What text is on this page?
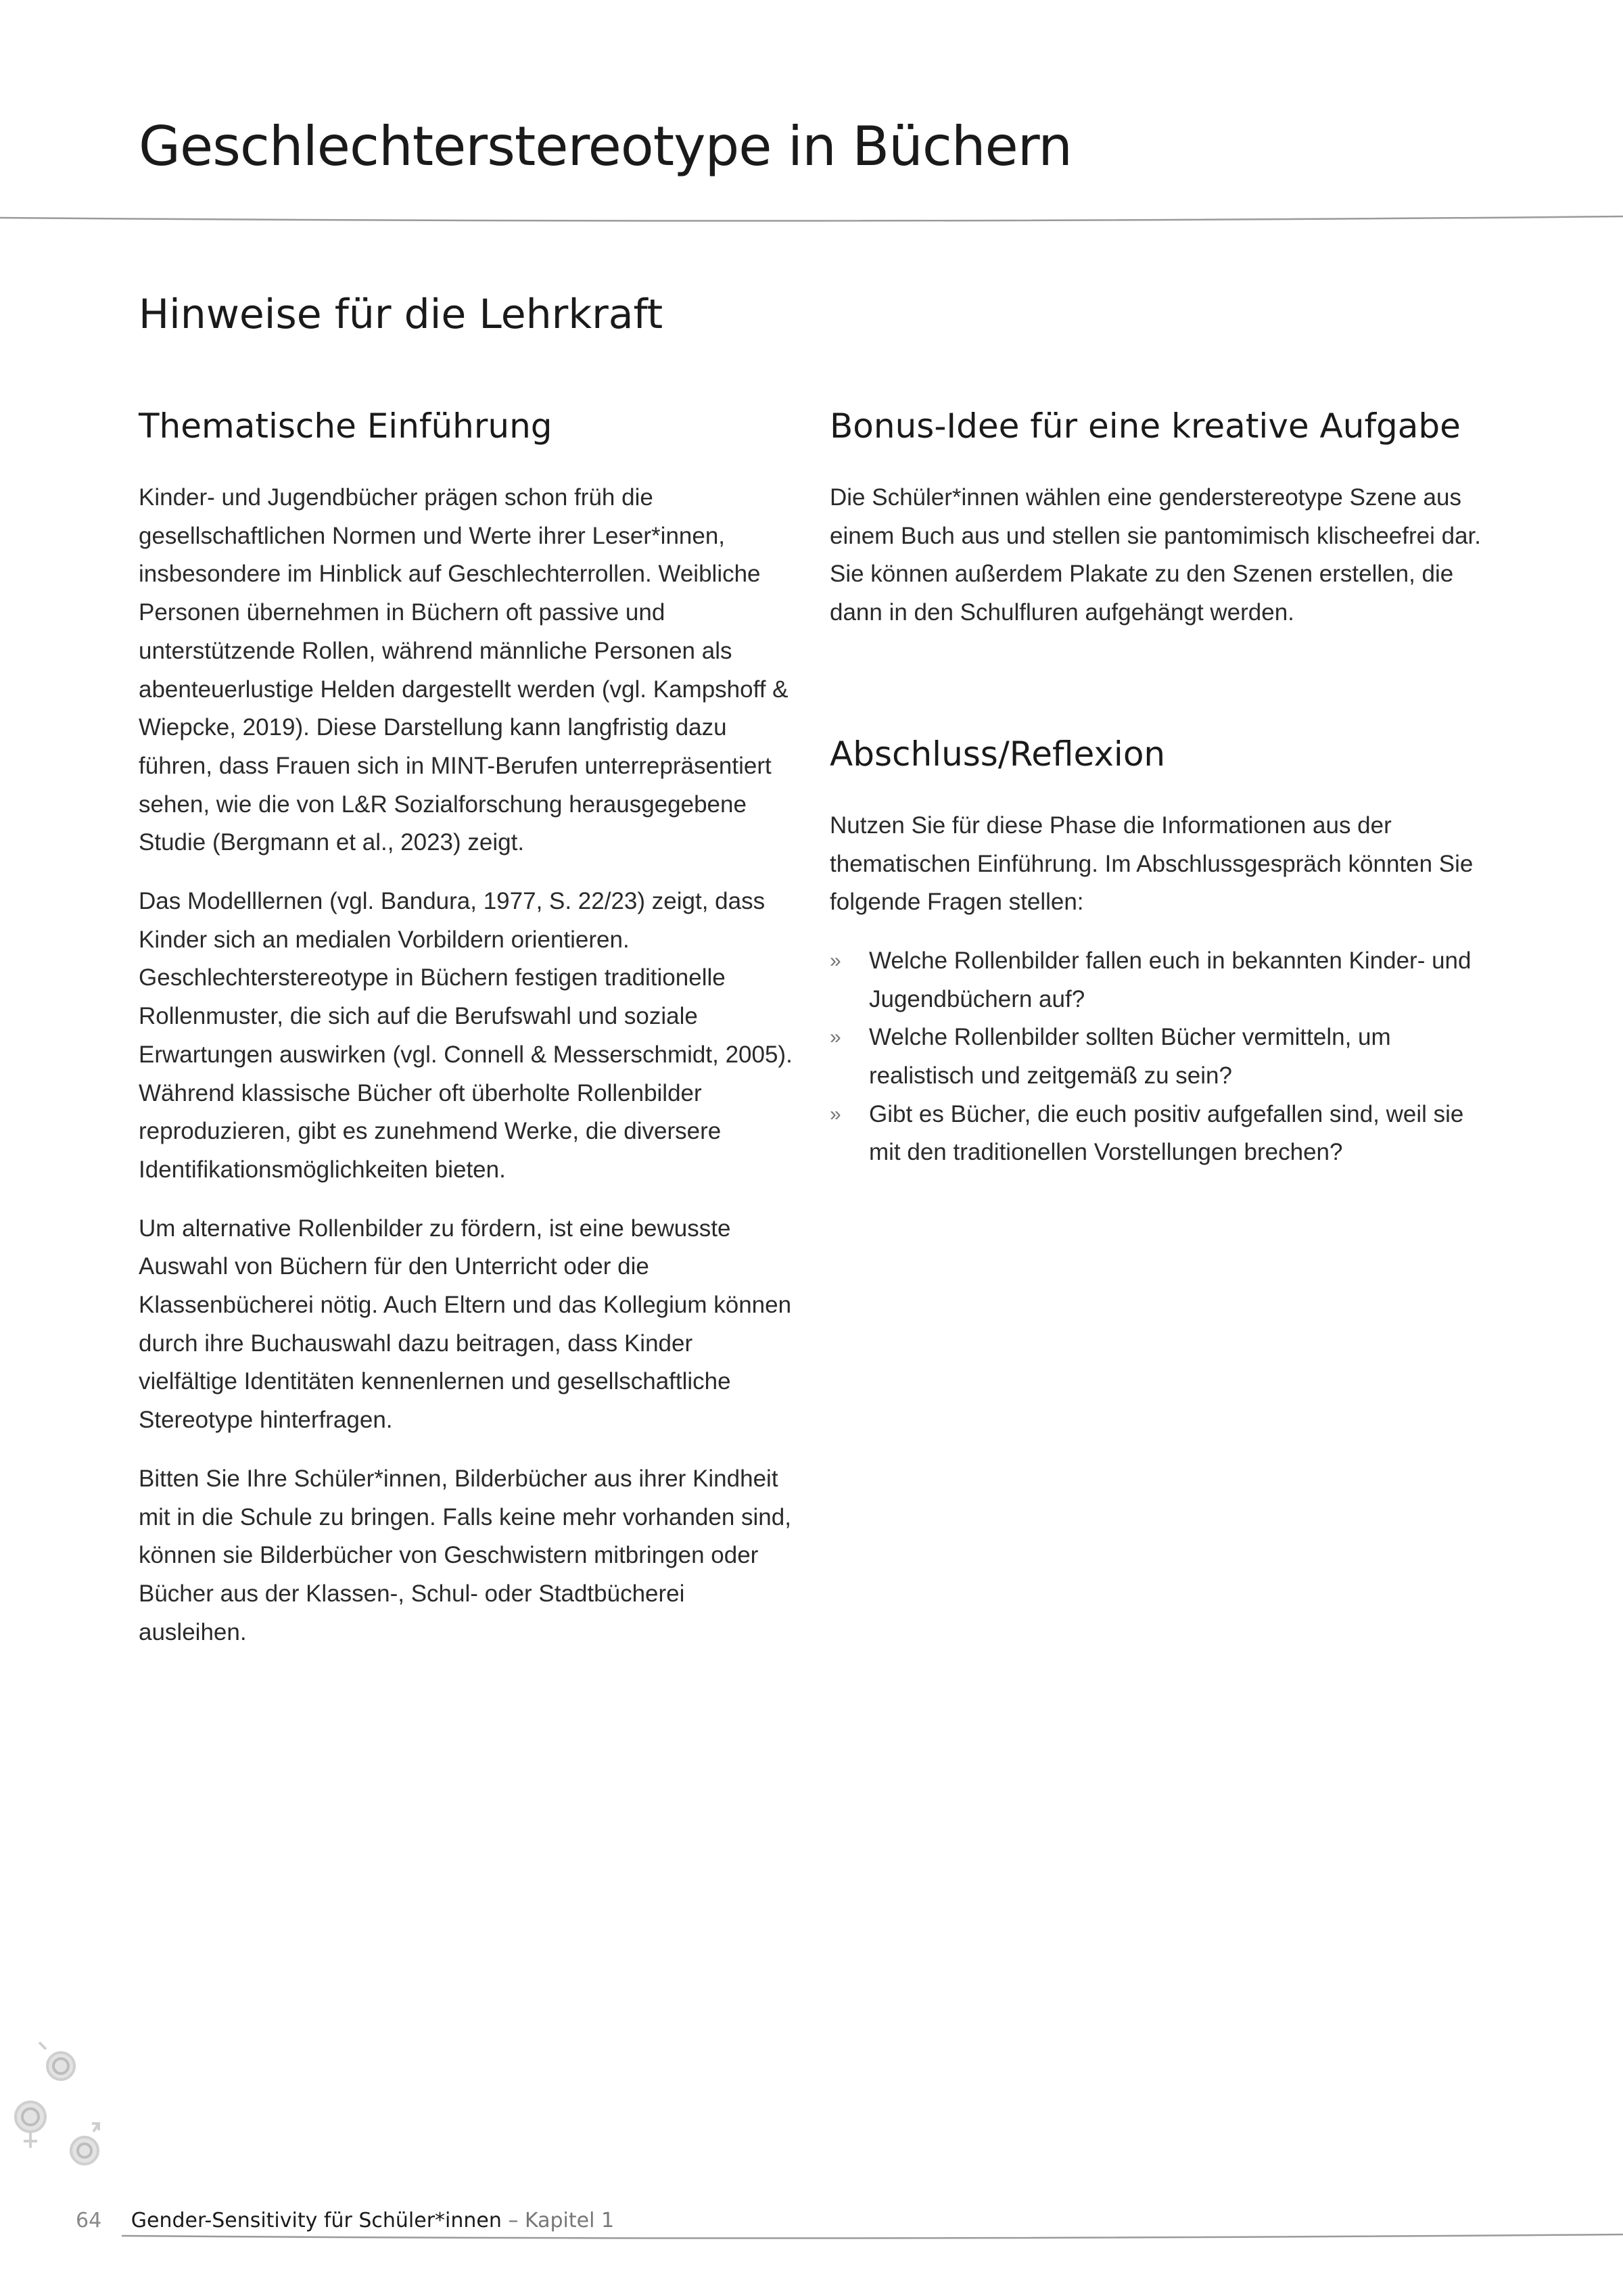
Geschlechterstereotype in Büchern
Hinweise für die Lehrkraft
Thematische Einführung

Kinder- und Jugendbücher prägen schon früh die gesellschaftlichen Normen und Werte ihrer Leser*innen, insbesondere im Hinblick auf Geschlechterrollen. Weibliche Personen übernehmen in Büchern oft passive und unterstützende Rollen, während männliche Personen als abenteuerlustige Helden dargestellt werden (vgl. Kampshoff & Wiepcke, 2019). Diese Darstellung kann langfristig dazu führen, dass Frauen sich in MINT-Berufen unterrepräsentiert sehen, wie die von L&R Sozialforschung herausgegebene Studie (Bergmann et al., 2023) zeigt.

Das Modelllernen (vgl. Bandura, 1977, S. 22/23) zeigt, dass Kinder sich an medialen Vorbildern orientieren. Geschlechterstereotype in Büchern festigen traditionelle Rollenmuster, die sich auf die Berufswahl und soziale Erwartungen auswirken (vgl. Connell & Messerschmidt, 2005). Während klassische Bücher oft überholte Rollenbilder reproduzieren, gibt es zunehmend Werke, die diversere Identifikationsmöglichkeiten bieten.

Um alternative Rollenbilder zu fördern, ist eine bewusste Auswahl von Büchern für den Unterricht oder die Klassenbücherei nötig. Auch Eltern und das Kollegium können durch ihre Buchauswahl dazu beitragen, dass Kinder vielfältige Identitäten kennenlernen und gesellschaftliche Stereotype hinterfragen.

Bitten Sie Ihre Schüler*innen, Bilderbücher aus ihrer Kindheit mit in die Schule zu bringen. Falls keine mehr vorhanden sind, können sie Bilderbücher von Geschwistern mitbringen oder Bücher aus der Klassen-, Schul- oder Stadtbücherei ausleihen.

Bonus-Idee für eine kreative Aufgabe

Die Schüler*innen wählen eine genderstereotype Szene aus einem Buch aus und stellen sie pantomimisch klischeefrei dar. Sie können außerdem Plakate zu den Szenen erstellen, die dann in den Schulfluren aufgehängt werden.

Abschluss/Reflexion

Nutzen Sie für diese Phase die Informationen aus der thematischen Einführung. Im Abschlussgespräch könnten Sie folgende Fragen stellen:

»	Welche Rollenbilder fallen euch in bekannten Kinder- und Jugendbüchern auf?
»	Welche Rollenbilder sollten Bücher vermitteln, um realistisch und zeitgemäß zu sein?
»	Gibt es Bücher, die euch positiv aufgefallen sind, weil sie mit den traditionellen Vorstellungen brechen?
64 Gender-Sensitivity für Schüler*innen – Kapitel 1
